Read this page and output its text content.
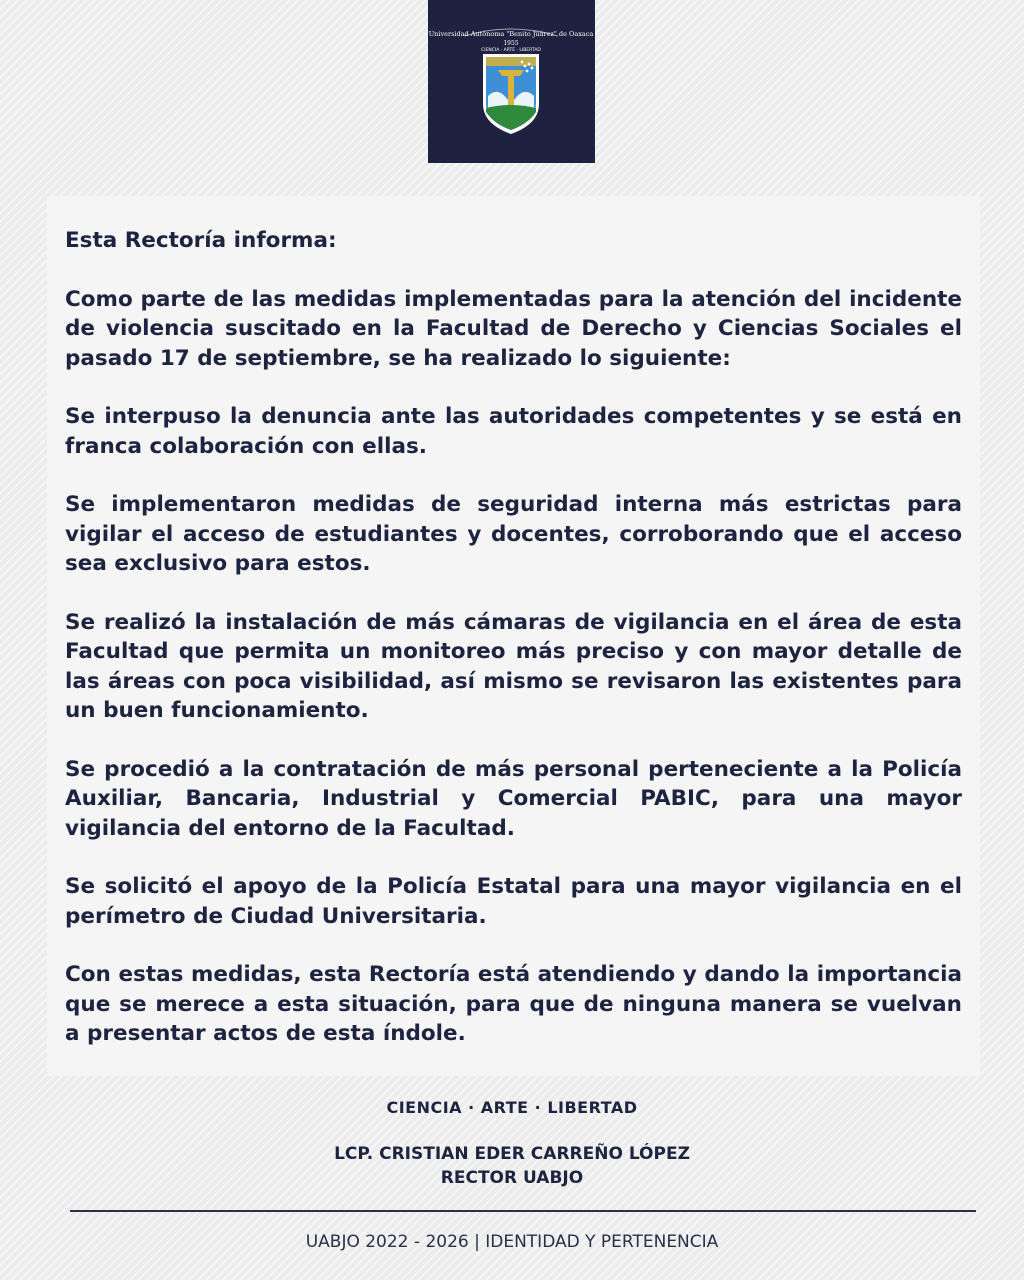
Universidad Autónoma "Benito Juárez" de Oaxaca
1955
CIENCIA · ARTE · LIBERTAD

Esta Rectoría informa:

Como parte de las medidas implementadas para la atención del incidente de violencia suscitado en la Facultad de Derecho y Ciencias Sociales el pasado 17 de septiembre, se ha realizado lo siguiente:

Se interpuso la denuncia ante las autoridades competentes y se está en franca colaboración con ellas.

Se implementaron medidas de seguridad interna más estrictas para vigilar el acceso de estudiantes y docentes, corroborando que el acceso sea exclusivo para estos.

Se realizó la instalación de más cámaras de vigilancia en el área de esta Facultad que permita un monitoreo más preciso y con mayor detalle de las áreas con poca visibilidad, así mismo se revisaron las existentes para un buen funcionamiento.

Se procedió a la contratación de más personal perteneciente a la Policía Auxiliar, Bancaria, Industrial y Comercial PABIC, para una mayor vigilancia del entorno de la Facultad.

Se solicitó el apoyo de la Policía Estatal para una mayor vigilancia en el perímetro de Ciudad Universitaria.

Con estas medidas, esta Rectoría está atendiendo y dando la importancia que se merece a esta situación, para que de ninguna manera se vuelvan a presentar actos de esta índole.

CIENCIA · ARTE · LIBERTAD
LCP. CRISTIAN EDER CARREÑO LÓPEZ
RECTOR UABJO
UABJO 2022 - 2026 | IDENTIDAD Y PERTENENCIA
